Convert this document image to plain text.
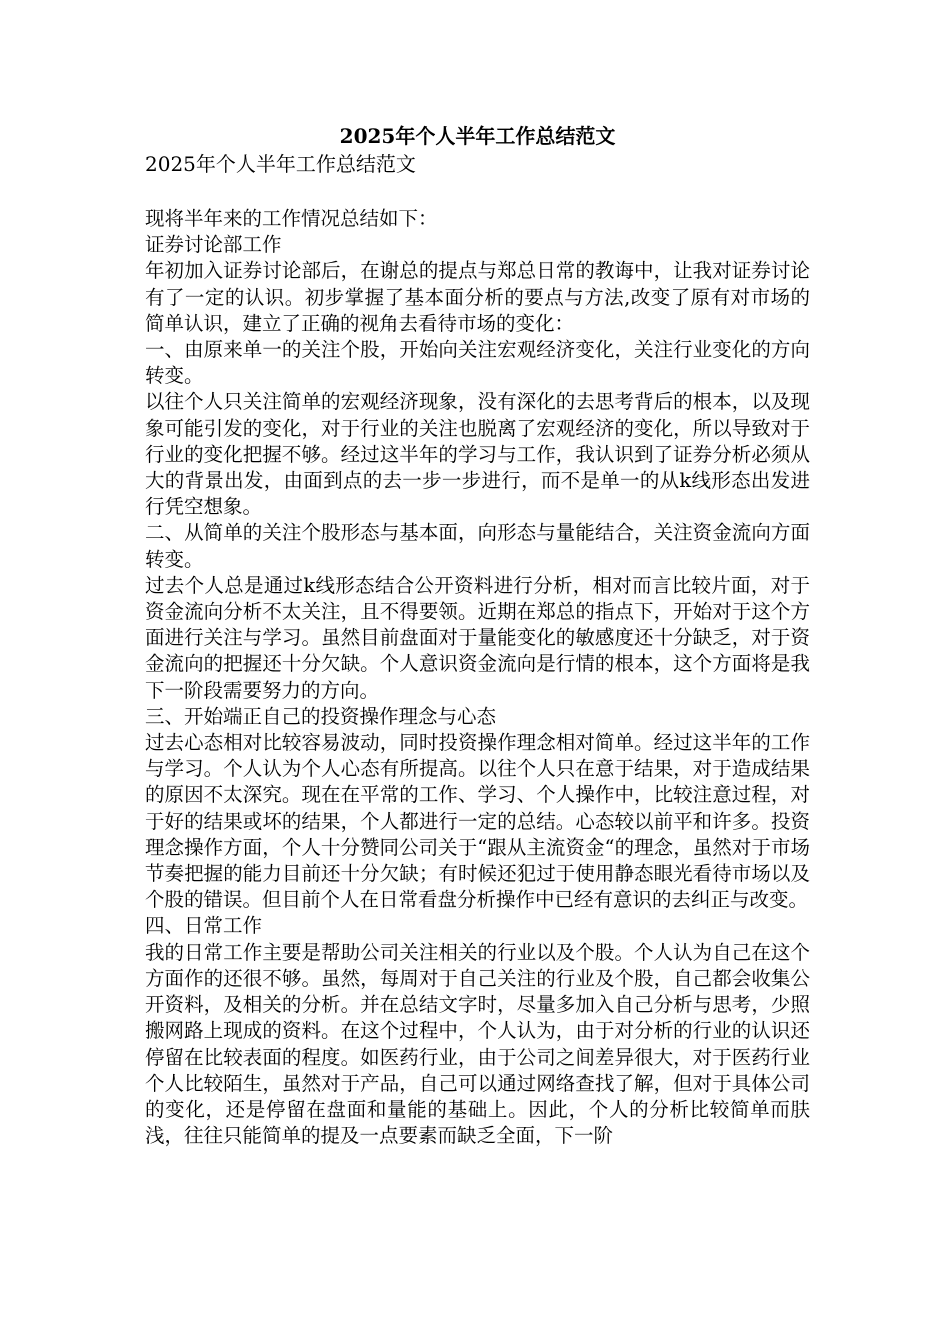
2025年个人半年工作总结范文

2025年个人半年工作总结范文

现将半年来的工作情况总结如下：

证券讨论部工作

年初加入证券讨论部后，在谢总的提点与郑总日常的教诲中，让我对证券讨论有了一定的认识。初步掌握了基本面分析的要点与方法,改变了原有对市场的简单认识，建立了正确的视角去看待市场的变化：

一、由原来单一的关注个股，开始向关注宏观经济变化，关注行业变化的方向转变。

以往个人只关注简单的宏观经济现象，没有深化的去思考背后的根本，以及现象可能引发的变化，对于行业的关注也脱离了宏观经济的变化，所以导致对于行业的变化把握不够。经过这半年的学习与工作，我认识到了证券分析必须从大的背景出发，由面到点的去一步一步进行，而不是单一的从k线形态出发进行凭空想象。

二、从简单的关注个股形态与基本面，向形态与量能结合，关注资金流向方面转变。

过去个人总是通过k线形态结合公开资料进行分析，相对而言比较片面，对于资金流向分析不太关注，且不得要领。近期在郑总的指点下，开始对于这个方面进行关注与学习。虽然目前盘面对于量能变化的敏感度还十分缺乏，对于资金流向的把握还十分欠缺。个人意识资金流向是行情的根本，这个方面将是我下一阶段需要努力的方向。

三、开始端正自己的投资操作理念与心态

过去心态相对比较容易波动，同时投资操作理念相对简单。经过这半年的工作与学习。个人认为个人心态有所提高。以往个人只在意于结果，对于造成结果的原因不太深究。现在在平常的工作、学习、个人操作中，比较注意过程，对于好的结果或坏的结果，个人都进行一定的总结。心态较以前平和许多。投资理念操作方面，个人十分赞同公司关于“跟从主流资金“的理念，虽然对于市场节奏把握的能力目前还十分欠缺；有时候还犯过于使用静态眼光看待市场以及个股的错误。但目前个人在日常看盘分析操作中已经有意识的去纠正与改变。

四、日常工作

我的日常工作主要是帮助公司关注相关的行业以及个股。个人认为自己在这个方面作的还很不够。虽然，每周对于自己关注的行业及个股，自己都会收集公开资料，及相关的分析。并在总结文字时，尽量多加入自己分析与思考，少照搬网路上现成的资料。在这个过程中，个人认为，由于对分析的行业的认识还停留在比较表面的程度。如医药行业，由于公司之间差异很大，对于医药行业个人比较陌生，虽然对于产品，自己可以通过网络查找了解，但对于具体公司的变化，还是停留在盘面和量能的基础上。因此，个人的分析比较简单而肤浅，往往只能简单的提及一点要素而缺乏全面，下一阶
